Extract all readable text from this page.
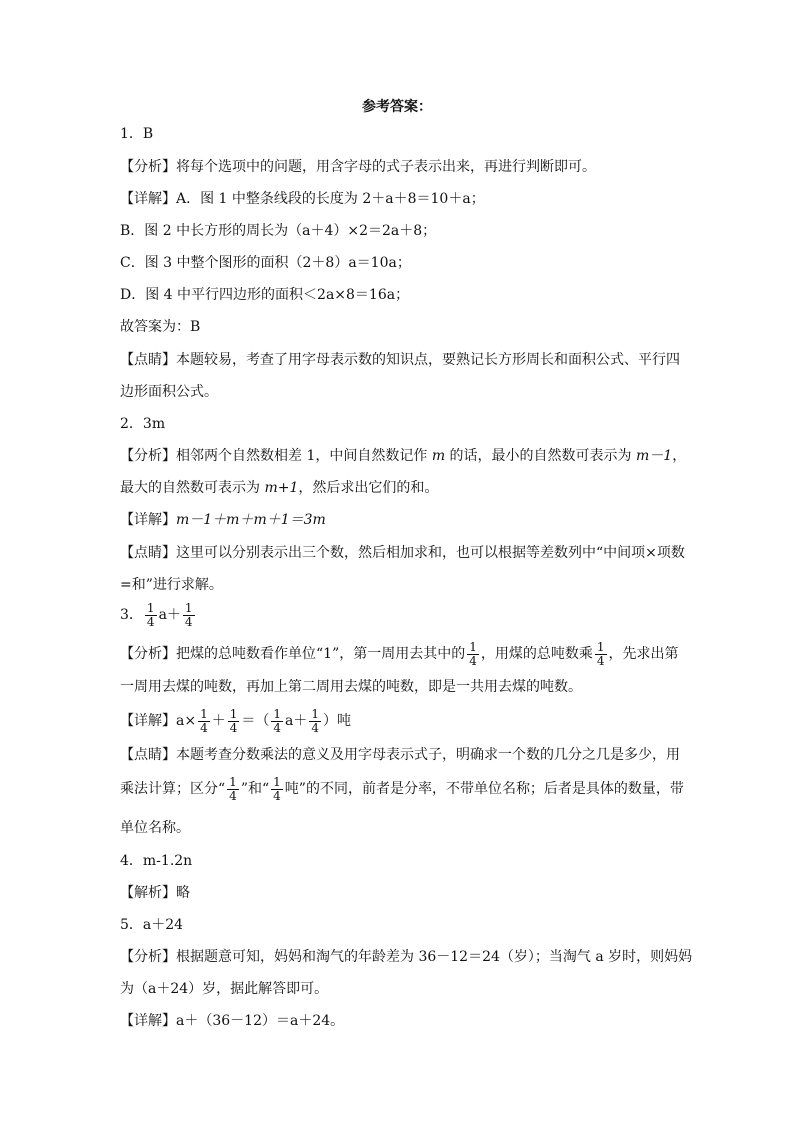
参考答案：
1．B
【分析】将每个选项中的问题，用含字母的式子表示出来，再进行判断即可。
【详解】A．图 1 中整条线段的长度为 2＋a＋8＝10＋a；
B．图 2 中长方形的周长为（a＋4）×2＝2a＋8；
C．图 3 中整个图形的面积（2＋8）a＝10a；
D．图 4 中平行四边形的面积＜2a×8＝16a；
故答案为：B
【点睛】本题较易，考查了用字母表示数的知识点，要熟记长方形周长和面积公式、平行四
边形面积公式。
2．3m
【分析】相邻两个自然数相差 1，中间自然数记作 m 的话，最小的自然数可表示为 m－1，
最大的自然数可表示为 m+1，然后求出它们的和。
【详解】m－1＋m＋m＋1＝3m
【点睛】这里可以分别表示出三个数，然后相加求和，也可以根据等差数列中“中间项×项数
=和”进行求解。
3． $\frac{1}{4} a+ \frac{1}{4}$
【分析】把煤的总吨数看作单位“1”，第一周用去其中的 $\frac{1}{4}$ ，用煤的总吨数乘 $\frac{1}{4}$ ，先求出第
一周用去煤的吨数，再加上第二周用去煤的吨数，即是一共用去煤的吨数。
【详解】$a\times \frac{1}{4} + \frac{1}{4}$ ＝（ $\frac{1}{4} a+ \frac{1}{4}$ ）吨
【点睛】本题考查分数乘法的意义及用字母表示式子，明确求一个数的几分之几是多少，用
乘法计算；区分“ $\frac{1}{4}$ ”和“ $\frac{1}{4}$ 吨”的不同，前者是分率，不带单位名称；后者是具体的数量，带
单位名称。
4．m-1.2n
【解析】略
5．a＋24
【分析】根据题意可知，妈妈和淘气的年龄差为 36－12＝24（岁）；当淘气 a 岁时，则妈妈
为（a＋24）岁，据此解答即可。
【详解】a＋（36－12）＝a＋24。
